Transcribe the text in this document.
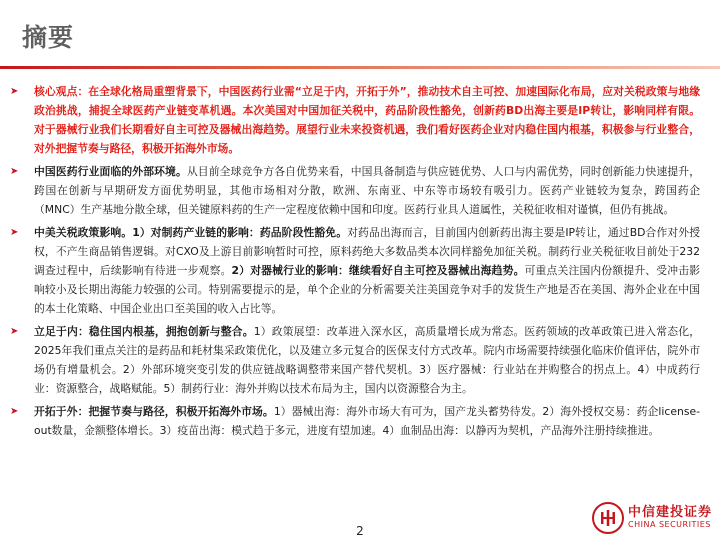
摘要
➤ 核心观点：在全球化格局重塑背景下，中国医药行业需“立足于内，开拓于外”，推动技术自主可控、加速国际化布局，应对关税政策与地缘政治挑战，捕捉全球医药产业链变革机遇。本次美国对中国加征关税中，药品阶段性豁免，创新药BD出海主要是IP转让，影响同样有限。对于器械行业我们长期看好自主可控及器械出海趋势。展望行业未来投资机遇，我们看好医药企业对内稳住国内根基，积极参与行业整合，对外把握节奏与路径，积极开拓海外市场。
➤ 中国医药行业面临的外部环境。从目前全球竞争方各自优势来看，中国具备制造与供应链优势、人口与内需优势，同时创新能力快速提升，跨国在创新与早期研发方面优势明显，其他市场相对分散，欧洲、东南亚、中东等市场较有吸引力。医药产业链较为复杂，跨国药企（MNC）生产基地分散全球，但关键原料药的生产一定程度依赖中国和印度。医药行业具人道属性，关税征收相对谨慎，但仍有挑战。
➤ 中美关税政策影响。1）对制药产业链的影响：药品阶段性豁免。对药品出海而言，目前国内创新药出海主要是IP转让，通过BD合作对外授权，不产生商品销售逻辑。对CXO及上游目前影响暂时可控，原料药绝大多数品类本次同样豁免加征关税。制药行业关税征收目前处于232调查过程中，后续影响有待进一步观察。2）对器械行业的影响：继续看好自主可控及器械出海趋势。可重点关注国内份额提升、受冲击影响较小及长期出海能力较强的公司。特别需要提示的是，单个企业的分析需要关注美国竞争对手的发货生产地是否在美国、海外企业在中国的本土化策略、中国企业出口至美国的收入占比等。
➤ 立足于内：稳住国内根基，拥抱创新与整合。1）政策展望：改革进入深水区，高质量增长成为常态。医药领域的改革政策已进入常态化，2025年我们重点关注的是药品和耗材集采政策优化，以及建立多元复合的医保支付方式改革。院内市场需要持续强化临床价值评估，院外市场仍有增量机会。2）外部环境突变引发的供应链战略调整带来国产替代契机。3）医疗器械：行业站在并购整合的拐点上。4）中成药行业：资源整合，战略赋能。5）制药行业：海外并购以技术布局为主，国内以资源整合为主。
➤ 开拓于外：把握节奏与路径，积极开拓海外市场。1）器械出海：海外市场大有可为，国产龙头蓄势待发。2）海外授权交易：药企license-out数量，金额整体增长。3）疫苗出海：模式趋于多元，进度有望加速。4）血制品出海：以静丙为契机，产品海外注册持续推进。
2
中信建投证券
CHINA SECURITIES
